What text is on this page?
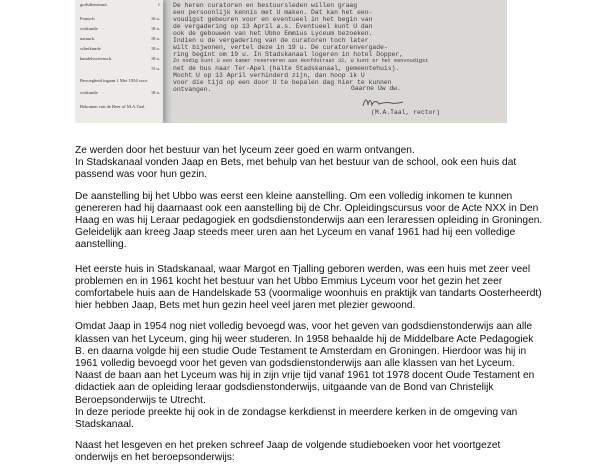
godsdienstond.	1
Fransch	16 u.
wiskunde	18 u.
natuurk.	18 u.
scheikunde	18 u.
handelswetensch.	18 u.
15 u.
Bevoegheid ingaan 1 Mei 1954 voor
wiskunde	18 u.
Bekomen van de Beer of M.A.Taal.
De heren curatoren en bestuursleden willen graag
een persoonlijk kennis met U maken. Dat kan het een-
voudigst gebeuren voor en eventueel in het begin van
de vergadering op 13 April a.s. Eventueel kunt U dan
ook de gebouwen van het Ubbo Emmius Lyceum bezoeken.
Indien u de vergadering van de curatoren toch later
wilt bijwonen, vertel deze in 19 u. De curatorenvergade-
ring begint om 19 u. In Stadskanaal logeren in hotel Dopper,
Zo nodig kunt U een kamer reserveren aan Hoofdstraat 32, U kunt er het eenvoudigst
net de bus naar Ter-Apel (halte Stadskanaal, gemeentehuis).
Mocht U op 13 April verhinderd zijn, dan hoop ik U
voor die tijd op een door U te bepalen dag hier te kunnen
ontvangen.	Gaarne Uw dw.
(M.A.Taal, rector)

Ze werden door het bestuur van het lyceum zeer goed en warm ontvangen.
In Stadskanaal vonden Jaap en Bets, met behulp van het bestuur van de school, ook een huis dat passend was voor hun gezin.

De aanstelling bij het Ubbo was eerst een kleine aanstelling. Om een volledig inkomen te kunnen genereren had hij daarnaast ook een aanstelling bij de Chr. Opleidingscursus voor de Acte NXX in Den Haag en was hij Leraar pedagogiek en godsdienstonderwijs aan een leraressen opleiding in Groningen. Geleidelijk aan kreeg Jaap steeds meer uren aan het Lyceum en vanaf 1961 had hij een volledige aanstelling.

Het eerste huis in Stadskanaal, waar Margot en Tjalling geboren werden, was een huis met zeer veel problemen en in 1961 kocht het bestuur van het Ubbo Emmius Lyceum voor het gezin het zeer comfortabele huis aan de Handelskade 53 (voormalige woonhuis en praktijk van tandarts Oosterheerdt) hier hebben Jaap, Bets met hun gezin heel veel jaren met plezier gewoond.

Omdat Jaap in 1954 nog niet volledig bevoegd was, voor het geven van godsdienstonderwijs aan alle klassen van het Lyceum, ging hij weer studeren. In 1958 behaalde hij de Middelbare Acte Pedagogiek B. en daarna volgde hij een studie Oude Testament te Amsterdam en Groningen. Hierdoor was hij in 1961 volledig bevoegd voor het geven van godsdienstonderwijs aan alle klassen van het Lyceum.
Naast de baan aan het Lyceum was hij in zijn vrije tijd vanaf 1961 tot 1978 docent Oude Testament en didactiek aan de opleiding leraar godsdienstonderwijs, uitgaande van de Bond van Christelijk Beroepsonderwijs te Utrecht.
In deze periode preekte hij ook in de zondagse kerkdienst in meerdere kerken in de omgeving van Stadskanaal.

Naast het lesgeven en het preken schreef Jaap de volgende studieboeken voor het voortgezet onderwijs en het beroepsonderwijs:
